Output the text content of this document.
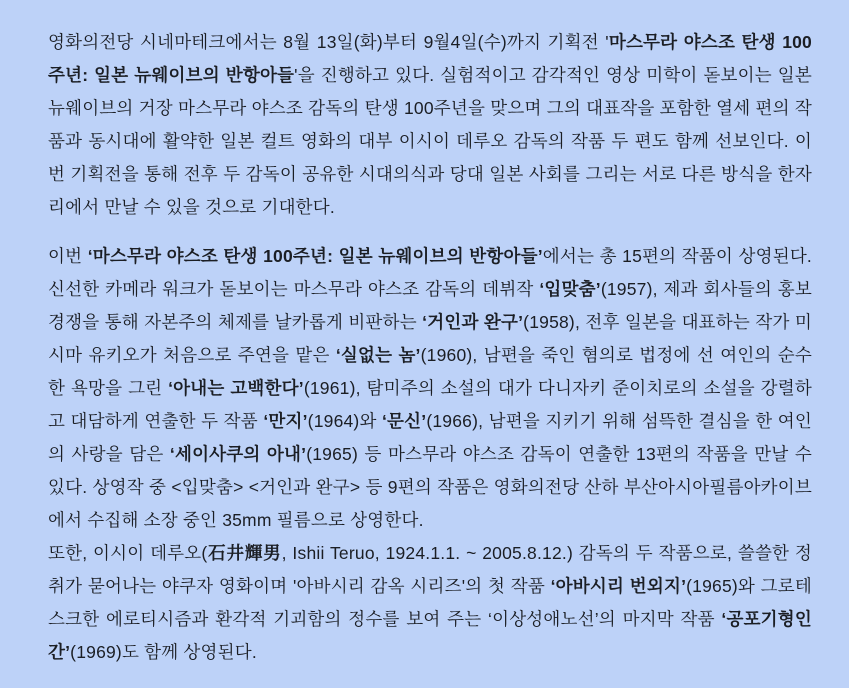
영화의전당 시네마테크에서는 8월 13일(화)부터 9월4일(수)까지 기획전 '마스무라 야스조 탄생 100주년: 일본 뉴웨이브의 반항아들'을 진행하고 있다. 실험적이고 감각적인 영상 미학이 돋보이는 일본 뉴웨이브의 거장 마스무라 야스조 감독의 탄생 100주년을 맞으며 그의 대표작을 포함한 열세 편의 작품과 동시대에 활약한 일본 컬트 영화의 대부 이시이 데루오 감독의 작품 두 편도 함께 선보인다. 이번 기획전을 통해 전후 두 감독이 공유한 시대의식과 당대 일본 사회를 그리는 서로 다른 방식을 한자리에서 만날 수 있을 것으로 기대한다.

이번 ‘마스무라 야스조 탄생 100주년: 일본 뉴웨이브의 반항아들’에서는 총 15편의 작품이 상영된다. 신선한 카메라 워크가 돋보이는 마스무라 야스조 감독의 데뷔작 ‘입맞춤’(1957), 제과 회사들의 홍보 경쟁을 통해 자본주의 체제를 날카롭게 비판하는 ‘거인과 완구’(1958), 전후 일본을 대표하는 작가 미시마 유키오가 처음으로 주연을 맡은 ‘실없는 놈’(1960), 남편을 죽인 혐의로 법정에 선 여인의 순수한 욕망을 그린 ‘아내는 고백한다’(1961), 탐미주의 소설의 대가 다니자키 준이치로의 소설을 강렬하고 대담하게 연출한 두 작품 ‘만지’(1964)와 ‘문신’(1966), 남편을 지키기 위해 섬뜩한 결심을 한 여인의 사랑을 담은 ‘세이사쿠의 아내’(1965) 등 마스무라 야스조 감독이 연출한 13편의 작품을 만날 수 있다. 상영작 중 <입맞춤> <거인과 완구> 등 9편의 작품은 영화의전당 산하 부산아시아필름아카이브에서 수집해 소장 중인 35mm 필름으로 상영한다.

또한, 이시이 데루오(石井輝男, Ishii Teruo, 1924.1.1. ~ 2005.8.12.) 감독의 두 작품으로, 쓸쓸한 정취가 묻어나는 야쿠자 영화이며 '아바시리 감옥 시리즈'의 첫 작품 ‘아바시리 번외지’(1965)와 그로테스크한 에로티시즘과 환각적 기괴함의 정수를 보여 주는 ‘이상성애노선’의 마지막 작품 ‘공포기형인간’(1969)도 함께 상영된다.
